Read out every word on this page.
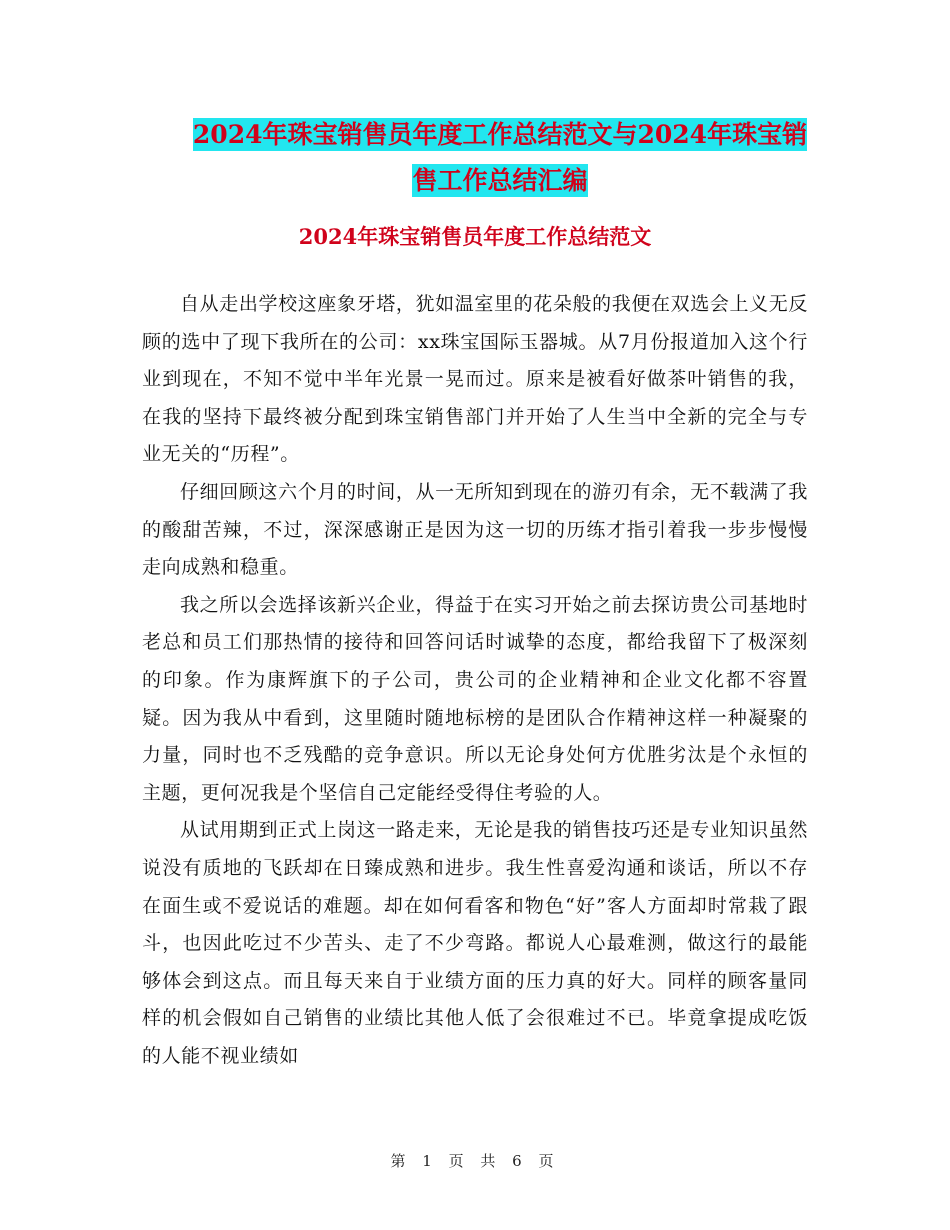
2024年珠宝销售员年度工作总结范文与2024年珠宝销
售工作总结汇编
2024年珠宝销售员年度工作总结范文

自从走出学校这座象牙塔，犹如温室里的花朵般的我便在双选会上义无反顾的选中了现下我所在的公司：xx珠宝国际玉器城。从7月份报道加入这个行业到现在，不知不觉中半年光景一晃而过。原来是被看好做茶叶销售的我，在我的坚持下最终被分配到珠宝销售部门并开始了人生当中全新的完全与专业无关的“历程”。

仔细回顾这六个月的时间，从一无所知到现在的游刃有余，无不载满了我的酸甜苦辣，不过，深深感谢正是因为这一切的历练才指引着我一步步慢慢走向成熟和稳重。

我之所以会选择该新兴企业，得益于在实习开始之前去探访贵公司基地时老总和员工们那热情的接待和回答问话时诚挚的态度，都给我留下了极深刻的印象。作为康辉旗下的子公司，贵公司的企业精神和企业文化都不容置疑。因为我从中看到，这里随时随地标榜的是团队合作精神这样一种凝聚的力量，同时也不乏残酷的竞争意识。所以无论身处何方优胜劣汰是个永恒的主题，更何况我是个坚信自己定能经受得住考验的人。

从试用期到正式上岗这一路走来，无论是我的销售技巧还是专业知识虽然说没有质地的飞跃却在日臻成熟和进步。我生性喜爱沟通和谈话，所以不存在面生或不爱说话的难题。却在如何看客和物色“好”客人方面却时常栽了跟斗，也因此吃过不少苦头、走了不少弯路。都说人心最难测，做这行的最能够体会到这点。而且每天来自于业绩方面的压力真的好大。同样的顾客量同样的机会假如自己销售的业绩比其他人低了会很难过不已。毕竟拿提成吃饭的人能不视业绩如

第 1 页 共 6 页
